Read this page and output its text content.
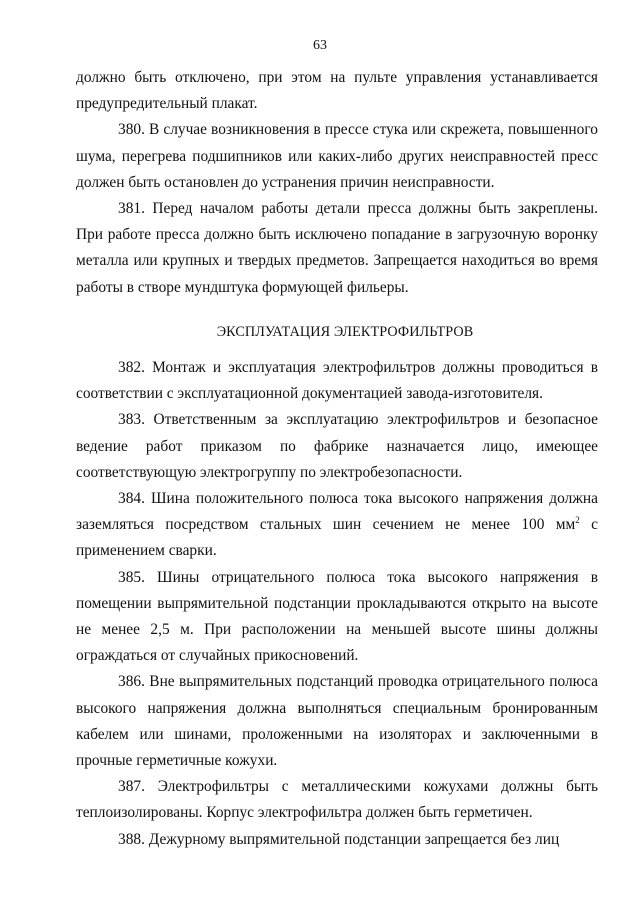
63

должно быть отключено, при этом на пульте управления устанавливается предупредительный плакат.

380. В случае возникновения в прессе стука или скрежета, повышенного шума, перегрева подшипников или каких-либо других неисправностей пресс должен быть остановлен до устранения причин неисправности.

381. Перед началом работы детали пресса должны быть закреплены. При работе пресса должно быть исключено попадание в загрузочную воронку металла или крупных и твердых предметов. Запрещается находиться во время работы в створе мундштука формующей фильеры.

ЭКСПЛУАТАЦИЯ ЭЛЕКТРОФИЛЬТРОВ

382. Монтаж и эксплуатация электрофильтров должны проводиться в соответствии с эксплуатационной документацией завода-изготовителя.

383. Ответственным за эксплуатацию электрофильтров и безопасное ведение работ приказом по фабрике назначается лицо, имеющее соответствующую электрогруппу по электробезопасности.

384. Шина положительного полюса тока высокого напряжения должна заземляться посредством стальных шин сечением не менее 100 $мм^2$ с применением сварки.

385. Шины отрицательного полюса тока высокого напряжения в помещении выпрямительной подстанции прокладываются открыто на высоте не менее 2,5 м. При расположении на меньшей высоте шины должны ограждаться от случайных прикосновений.

386. Вне выпрямительных подстанций проводка отрицательного полюса высокого напряжения должна выполняться специальным бронированным кабелем или шинами, проложенными на изоляторах и заключенными в прочные герметичные кожухи.

387. Электрофильтры с металлическими кожухами должны быть теплоизолированы. Корпус электрофильтра должен быть герметичен.

388. Дежурному выпрямительной подстанции запрещается без лиц
